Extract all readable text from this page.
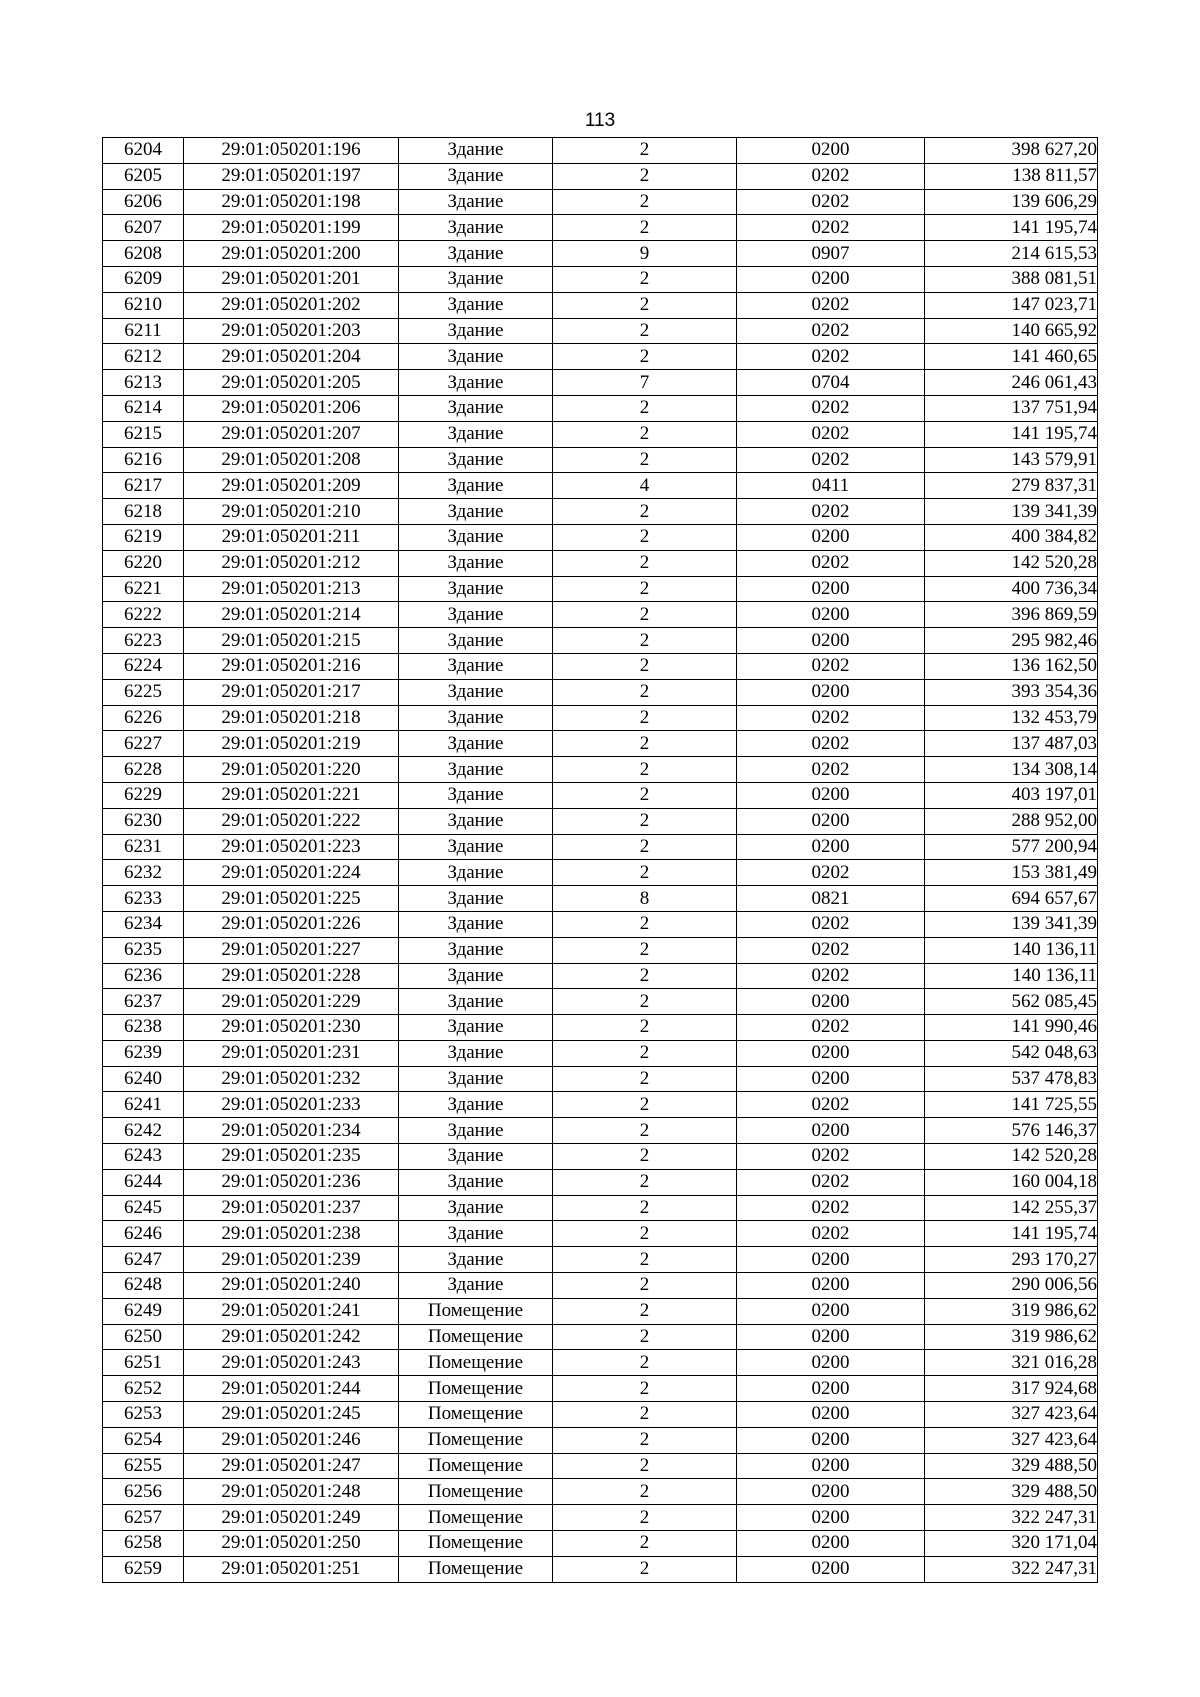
113
6204	29:01:050201:196	Здание	2	0200	398 627,20
6205	29:01:050201:197	Здание	2	0202	138 811,57
6206	29:01:050201:198	Здание	2	0202	139 606,29
6207	29:01:050201:199	Здание	2	0202	141 195,74
6208	29:01:050201:200	Здание	9	0907	214 615,53
6209	29:01:050201:201	Здание	2	0200	388 081,51
6210	29:01:050201:202	Здание	2	0202	147 023,71
6211	29:01:050201:203	Здание	2	0202	140 665,92
6212	29:01:050201:204	Здание	2	0202	141 460,65
6213	29:01:050201:205	Здание	7	0704	246 061,43
6214	29:01:050201:206	Здание	2	0202	137 751,94
6215	29:01:050201:207	Здание	2	0202	141 195,74
6216	29:01:050201:208	Здание	2	0202	143 579,91
6217	29:01:050201:209	Здание	4	0411	279 837,31
6218	29:01:050201:210	Здание	2	0202	139 341,39
6219	29:01:050201:211	Здание	2	0200	400 384,82
6220	29:01:050201:212	Здание	2	0202	142 520,28
6221	29:01:050201:213	Здание	2	0200	400 736,34
6222	29:01:050201:214	Здание	2	0200	396 869,59
6223	29:01:050201:215	Здание	2	0200	295 982,46
6224	29:01:050201:216	Здание	2	0202	136 162,50
6225	29:01:050201:217	Здание	2	0200	393 354,36
6226	29:01:050201:218	Здание	2	0202	132 453,79
6227	29:01:050201:219	Здание	2	0202	137 487,03
6228	29:01:050201:220	Здание	2	0202	134 308,14
6229	29:01:050201:221	Здание	2	0200	403 197,01
6230	29:01:050201:222	Здание	2	0200	288 952,00
6231	29:01:050201:223	Здание	2	0200	577 200,94
6232	29:01:050201:224	Здание	2	0202	153 381,49
6233	29:01:050201:225	Здание	8	0821	694 657,67
6234	29:01:050201:226	Здание	2	0202	139 341,39
6235	29:01:050201:227	Здание	2	0202	140 136,11
6236	29:01:050201:228	Здание	2	0202	140 136,11
6237	29:01:050201:229	Здание	2	0200	562 085,45
6238	29:01:050201:230	Здание	2	0202	141 990,46
6239	29:01:050201:231	Здание	2	0200	542 048,63
6240	29:01:050201:232	Здание	2	0200	537 478,83
6241	29:01:050201:233	Здание	2	0202	141 725,55
6242	29:01:050201:234	Здание	2	0200	576 146,37
6243	29:01:050201:235	Здание	2	0202	142 520,28
6244	29:01:050201:236	Здание	2	0202	160 004,18
6245	29:01:050201:237	Здание	2	0202	142 255,37
6246	29:01:050201:238	Здание	2	0202	141 195,74
6247	29:01:050201:239	Здание	2	0200	293 170,27
6248	29:01:050201:240	Здание	2	0200	290 006,56
6249	29:01:050201:241	Помещение	2	0200	319 986,62
6250	29:01:050201:242	Помещение	2	0200	319 986,62
6251	29:01:050201:243	Помещение	2	0200	321 016,28
6252	29:01:050201:244	Помещение	2	0200	317 924,68
6253	29:01:050201:245	Помещение	2	0200	327 423,64
6254	29:01:050201:246	Помещение	2	0200	327 423,64
6255	29:01:050201:247	Помещение	2	0200	329 488,50
6256	29:01:050201:248	Помещение	2	0200	329 488,50
6257	29:01:050201:249	Помещение	2	0200	322 247,31
6258	29:01:050201:250	Помещение	2	0200	320 171,04
6259	29:01:050201:251	Помещение	2	0200	322 247,31
